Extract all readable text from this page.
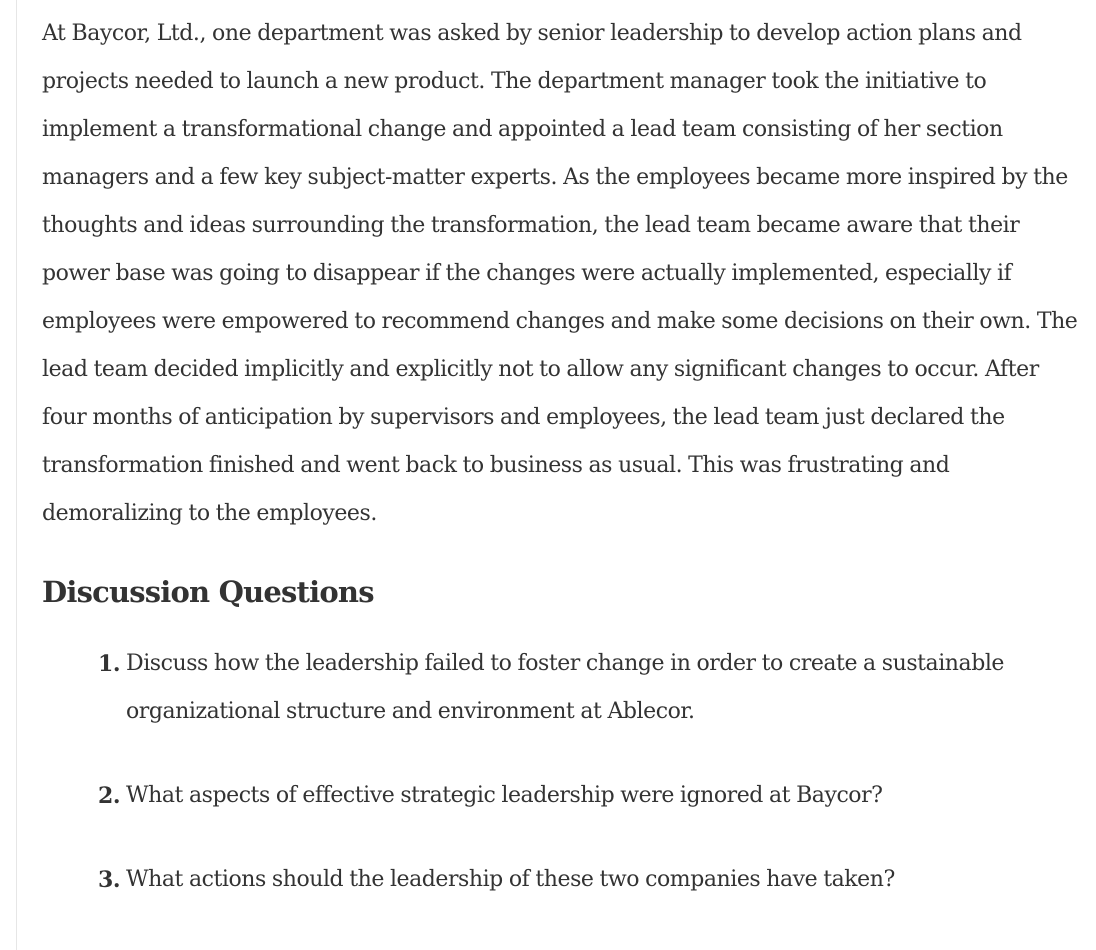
At Baycor, Ltd., one department was asked by senior leadership to develop action plans and projects needed to launch a new product. The department manager took the initiative to implement a transformational change and appointed a lead team consisting of her section managers and a few key subject-matter experts. As the employees became more inspired by the thoughts and ideas surrounding the transformation, the lead team became aware that their power base was going to disappear if the changes were actually implemented, especially if employees were empowered to recommend changes and make some decisions on their own. The lead team decided implicitly and explicitly not to allow any significant changes to occur. After four months of anticipation by supervisors and employees, the lead team just declared the transformation finished and went back to business as usual. This was frustrating and demoralizing to the employees.

Discussion Questions
1. Discuss how the leadership failed to foster change in order to create a sustainable organizational structure and environment at Ablecor.
2. What aspects of effective strategic leadership were ignored at Baycor?
3. What actions should the leadership of these two companies have taken?
